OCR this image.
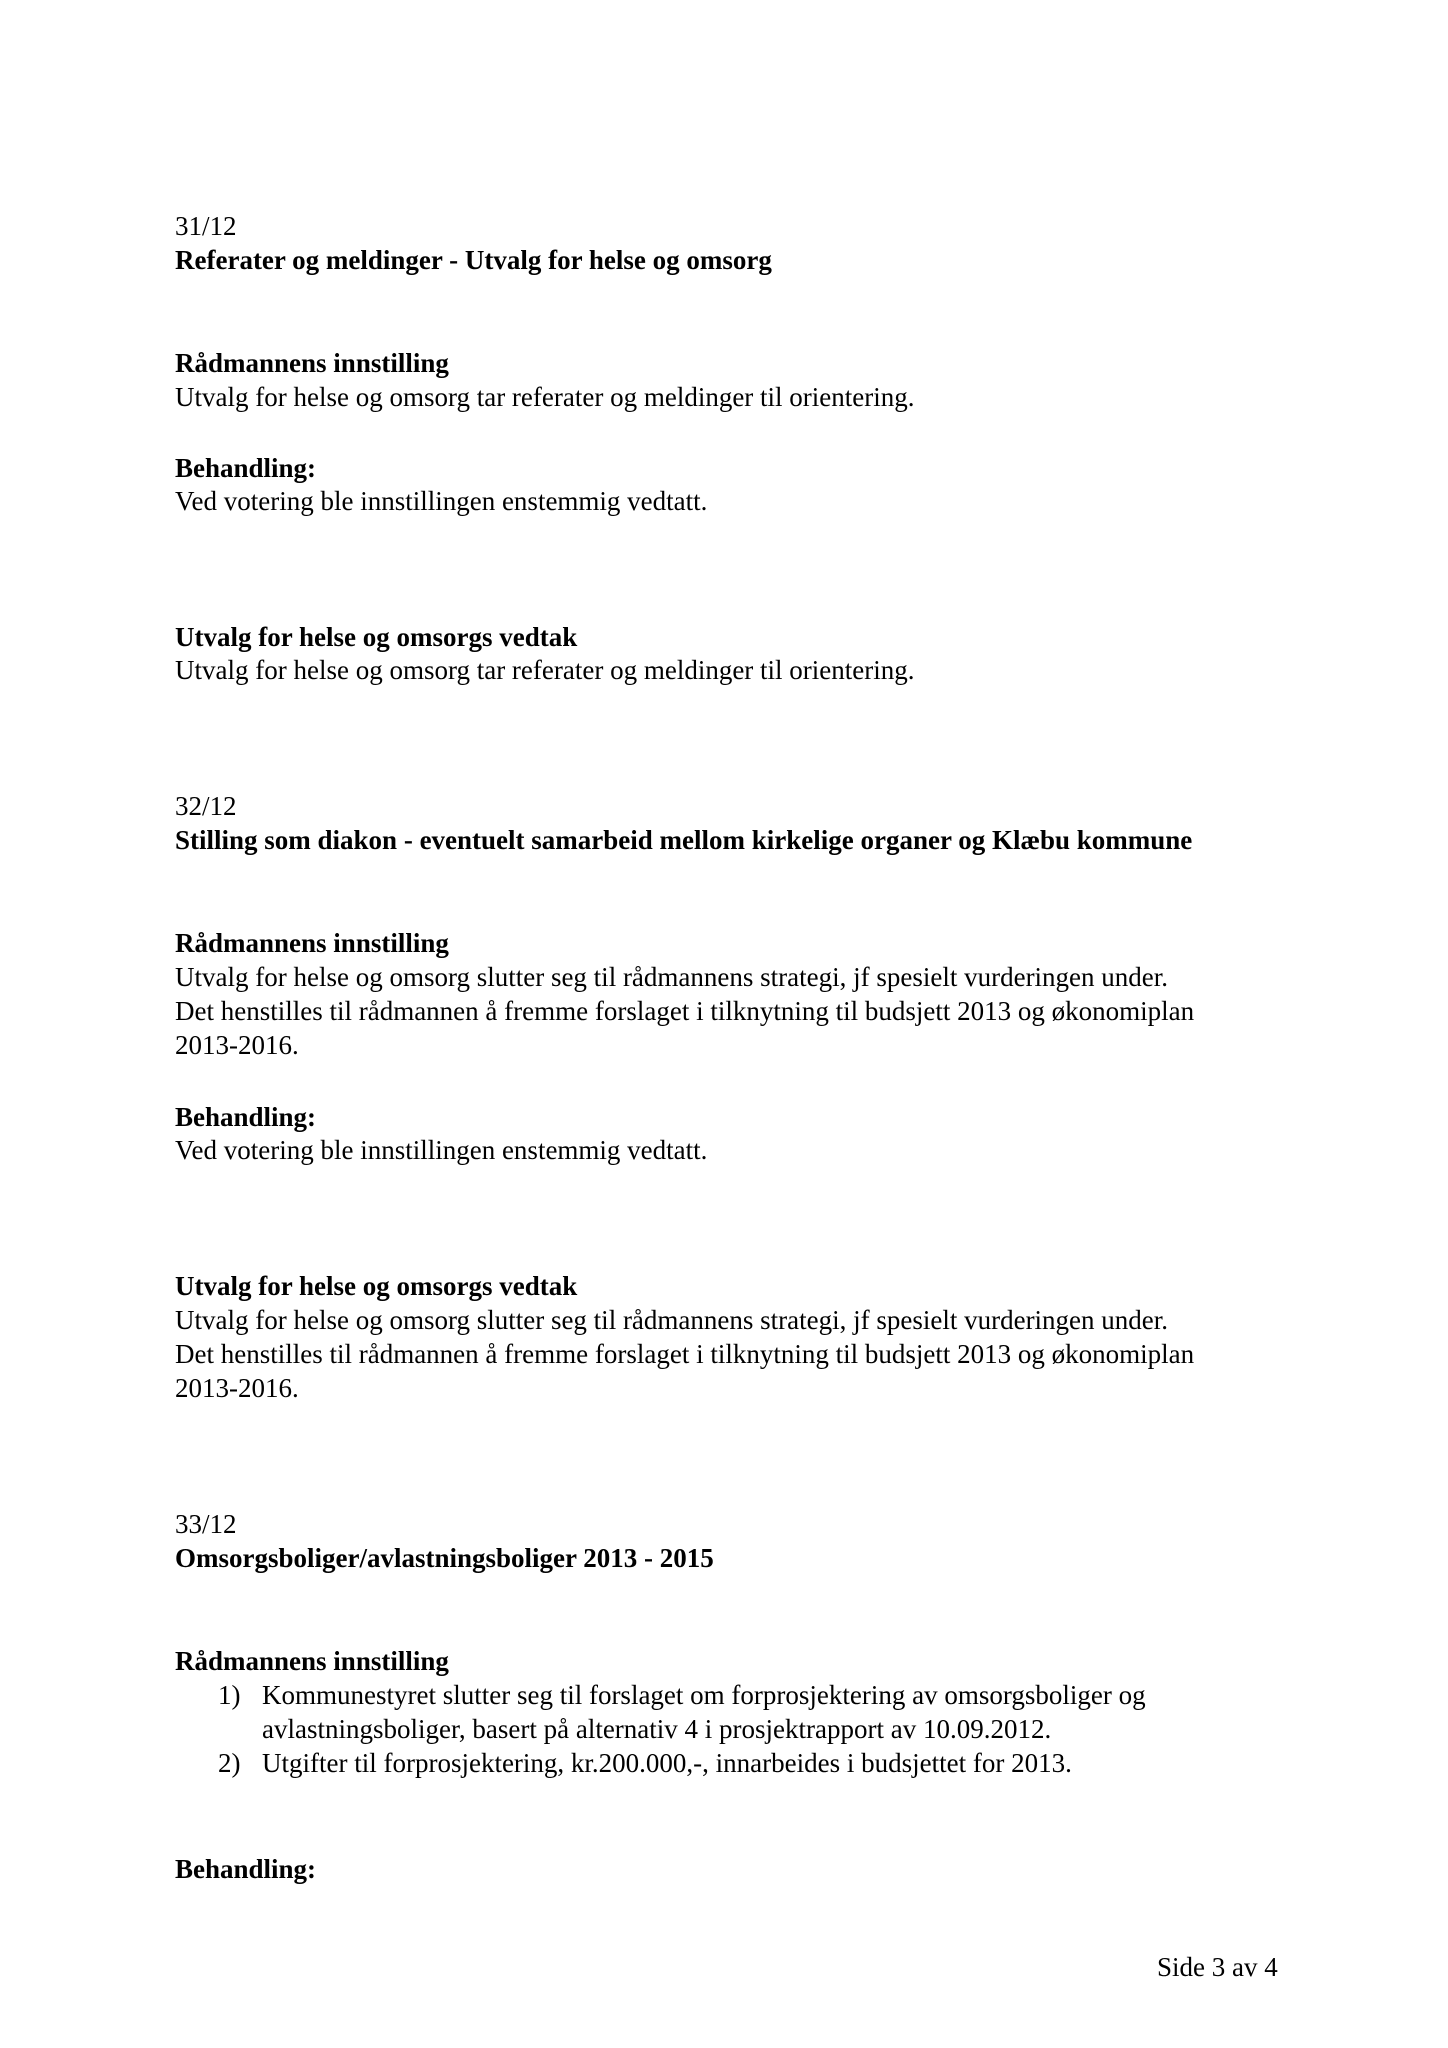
31/12
Referater og meldinger - Utvalg for helse og omsorg
Rådmannens innstilling
Utvalg for helse og omsorg tar referater og meldinger til orientering.
Behandling:
Ved votering ble innstillingen enstemmig vedtatt.
Utvalg for helse og omsorgs vedtak
Utvalg for helse og omsorg tar referater og meldinger til orientering.
32/12
Stilling som diakon - eventuelt samarbeid mellom kirkelige organer og Klæbu kommune
Rådmannens innstilling
Utvalg for helse og omsorg slutter seg til rådmannens strategi, jf spesielt vurderingen under.
Det henstilles til rådmannen å fremme forslaget i tilknytning til budsjett 2013 og økonomiplan
2013-2016.
Behandling:
Ved votering ble innstillingen enstemmig vedtatt.
Utvalg for helse og omsorgs vedtak
Utvalg for helse og omsorg slutter seg til rådmannens strategi, jf spesielt vurderingen under.
Det henstilles til rådmannen å fremme forslaget i tilknytning til budsjett 2013 og økonomiplan
2013-2016.
33/12
Omsorgsboliger/avlastningsboliger 2013 - 2015
Rådmannens innstilling
1) Kommunestyret slutter seg til forslaget om forprosjektering av omsorgsboliger og
avlastningsboliger, basert på alternativ 4 i prosjektrapport av 10.09.2012.
2) Utgifter til forprosjektering, kr.200.000,-, innarbeides i budsjettet for 2013.
Behandling:
Side 3 av 4
